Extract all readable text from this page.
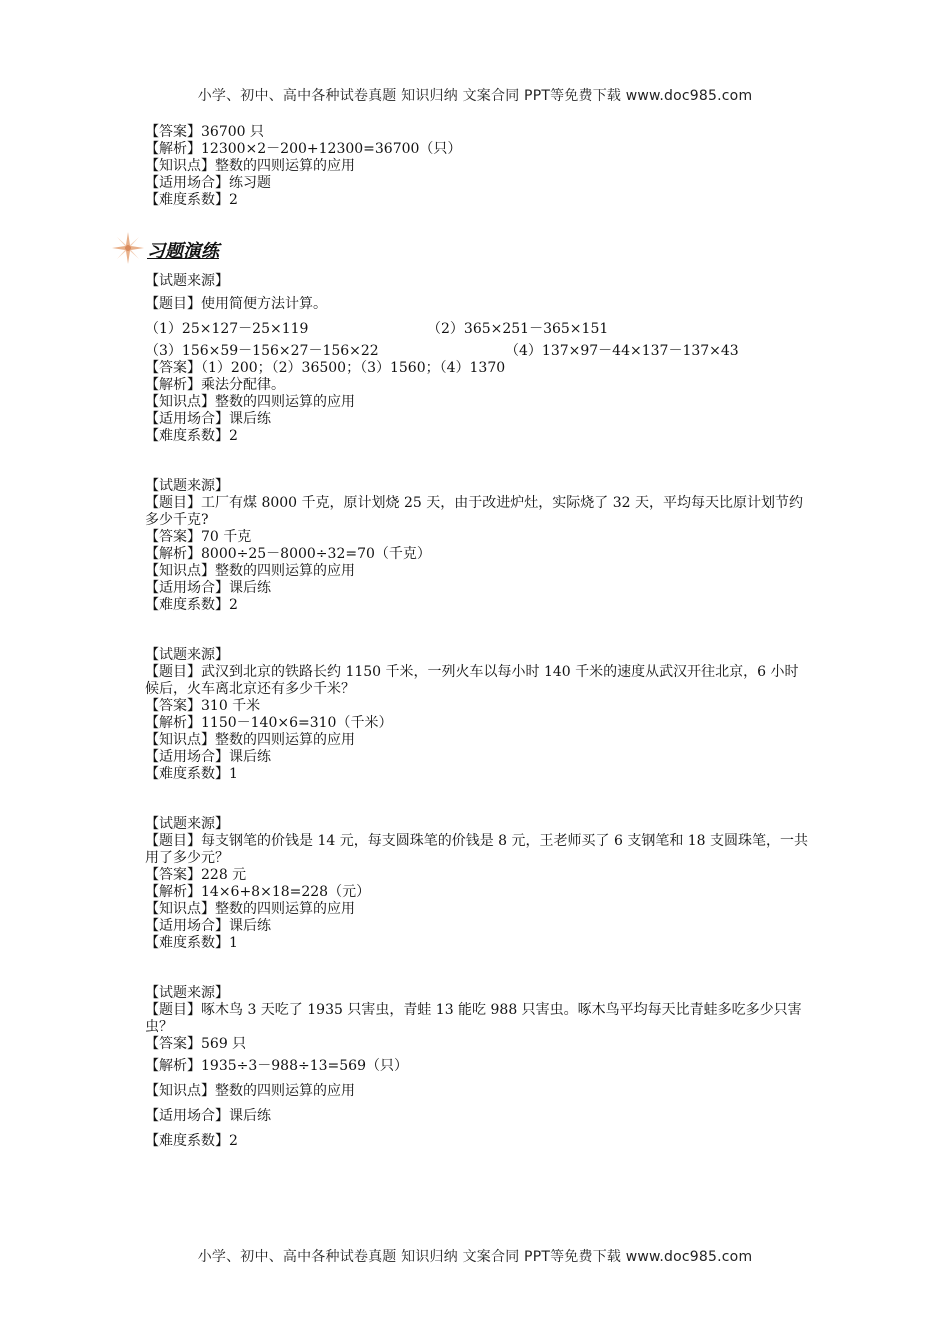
小学、初中、高中各种试卷真题 知识归纳 文案合同 PPT等免费下载 www.doc985.com
【答案】36700 只
【解析】12300×2－200+12300=36700（只）
【知识点】整数的四则运算的应用
【适用场合】练习题
【难度系数】2
习题演练
【试题来源】
【题目】使用简便方法计算。
（1）25×127－25×119	（2）365×251－365×151
（3）156×59－156×27－156×22	（4）137×97－44×137－137×43
【答案】（1）200；（2）36500；（3）1560；（4）1370
【解析】乘法分配律。
【知识点】整数的四则运算的应用
【适用场合】课后练
【难度系数】2
【试题来源】
【题目】工厂有煤 8000 千克，原计划烧 25 天，由于改进炉灶，实际烧了 32 天，平均每天比原计划节约多少千克?
【答案】70 千克
【解析】8000÷25－8000÷32=70（千克）
【知识点】整数的四则运算的应用
【适用场合】课后练
【难度系数】2
【试题来源】
【题目】武汉到北京的铁路长约 1150 千米，一列火车以每小时 140 千米的速度从武汉开往北京，6 小时候后，火车离北京还有多少千米？
【答案】310 千米
【解析】1150－140×6=310（千米）
【知识点】整数的四则运算的应用
【适用场合】课后练
【难度系数】1
【试题来源】
【题目】每支钢笔的价钱是 14 元，每支圆珠笔的价钱是 8 元，王老师买了 6 支钢笔和 18 支圆珠笔，一共用了多少元？
【答案】228 元
【解析】14×6+8×18=228（元）
【知识点】整数的四则运算的应用
【适用场合】课后练
【难度系数】1
【试题来源】
【题目】啄木鸟 3 天吃了 1935 只害虫，青蛙 13 能吃 988 只害虫。啄木鸟平均每天比青蛙多吃多少只害虫？
【答案】569 只
【解析】1935÷3－988÷13=569（只）
【知识点】整数的四则运算的应用
【适用场合】课后练
【难度系数】2
小学、初中、高中各种试卷真题 知识归纳 文案合同 PPT等免费下载 www.doc985.com
